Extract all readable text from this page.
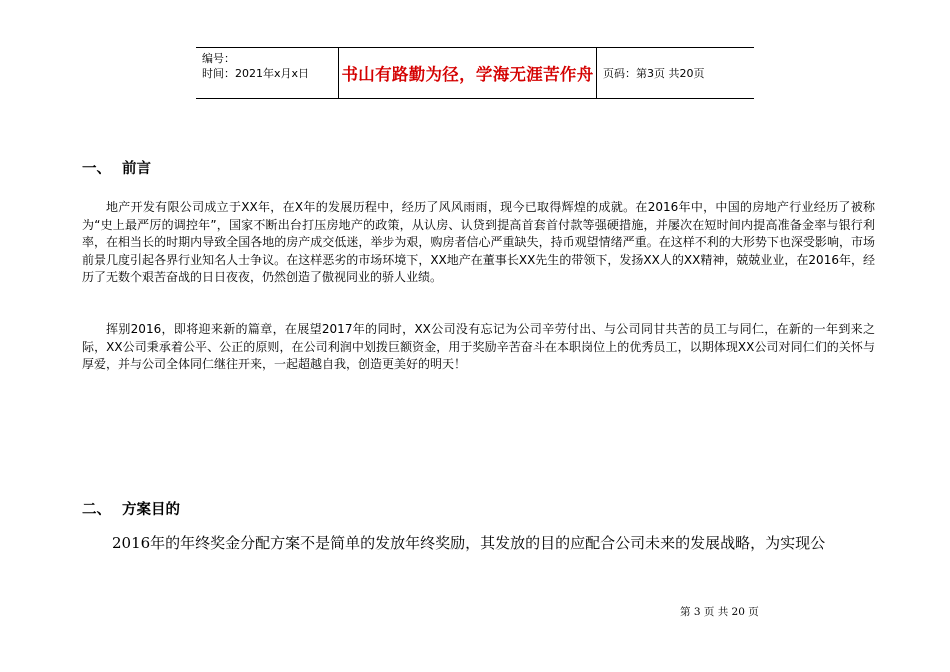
编号：
时间：2021年x月x日	书山有路勤为径，学海无涯苦作舟 页码：第3页 共20页
一、 前言

地产开发有限公司成立于XX年，在X年的发展历程中，经历了风风雨雨，现今已取得辉煌的成就。在2016年中，中国的房地产行业经历了被称为“史上最严厉的调控年”，国家不断出台打压房地产的政策，从认房、认贷到提高首套首付款等强硬措施，并屡次在短时间内提高准备金率与银行利率，在相当长的时期内导致全国各地的房产成交低迷，举步为艰，购房者信心严重缺失，持币观望情绪严重。在这样不利的大形势下也深受影响，市场前景几度引起各界行业知名人士争议。在这样恶劣的市场环境下，XX地产在董事长XX先生的带领下，发扬XX人的XX精神，兢兢业业，在2016年，经历了无数个艰苦奋战的日日夜夜，仍然创造了傲视同业的骄人业绩。

挥别2016，即将迎来新的篇章，在展望2017年的同时，XX公司没有忘记为公司辛劳付出、与公司同甘共苦的员工与同仁，在新的一年到来之际，XX公司秉承着公平、公正的原则，在公司利润中划拨巨额资金，用于奖励辛苦奋斗在本职岗位上的优秀员工，以期体现XX公司对同仁们的关怀与厚爱，并与公司全体同仁继往开来，一起超越自我，创造更美好的明天！

二、 方案目的

2016年的年终奖金分配方案不是简单的发放年终奖励，其发放的目的应配合公司未来的发展战略，为实现公

第 3 页 共 20 页
